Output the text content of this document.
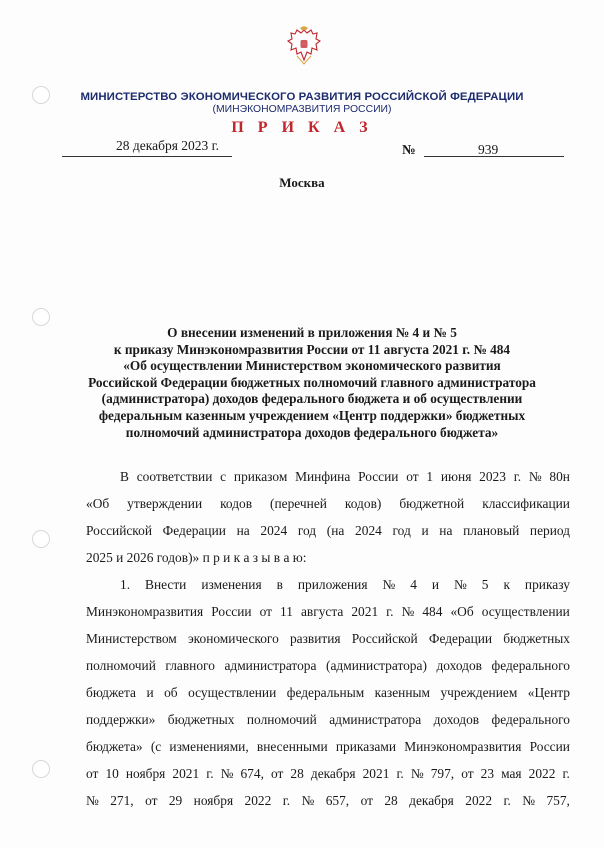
МИНИСТЕРСТВО ЭКОНОМИЧЕСКОГО РАЗВИТИЯ РОССИЙСКОЙ ФЕДЕРАЦИИ
(МИНЭКОНОМРАЗВИТИЯ РОССИИ)
П Р И К А З
28 декабря 2023 г.	№	939
Москва
О внесении изменений в приложения № 4 и № 5
к приказу Минэкономразвития России от 11 августа 2021 г. № 484
«Об осуществлении Министерством экономического развития
Российской Федерации бюджетных полномочий главного администратора
(администратора) доходов федерального бюджета и об осуществлении
федеральным казенным учреждением «Центр поддержки» бюджетных
полномочий администратора доходов федерального бюджета»
В соответствии с приказом Минфина России от 1 июня 2023 г. № 80н
«Об утверждении кодов (перечней кодов) бюджетной классификации
Российской Федерации на 2024 год (на 2024 год и на плановый период
2025 и 2026 годов)» п р и к а з ы в а ю:
1. Внести изменения в приложения № 4 и № 5 к приказу
Минэкономразвития России от 11 августа 2021 г. № 484 «Об осуществлении
Министерством экономического развития Российской Федерации бюджетных
полномочий главного администратора (администратора) доходов федерального
бюджета и об осуществлении федеральным казенным учреждением «Центр
поддержки» бюджетных полномочий администратора доходов федерального
бюджета» (с изменениями, внесенными приказами Минэкономразвития России
от 10 ноября 2021 г. № 674, от 28 декабря 2021 г. № 797, от 23 мая 2022 г.
№ 271, от 29 ноября 2022 г. № 657, от 28 декабря 2022 г. № 757,
